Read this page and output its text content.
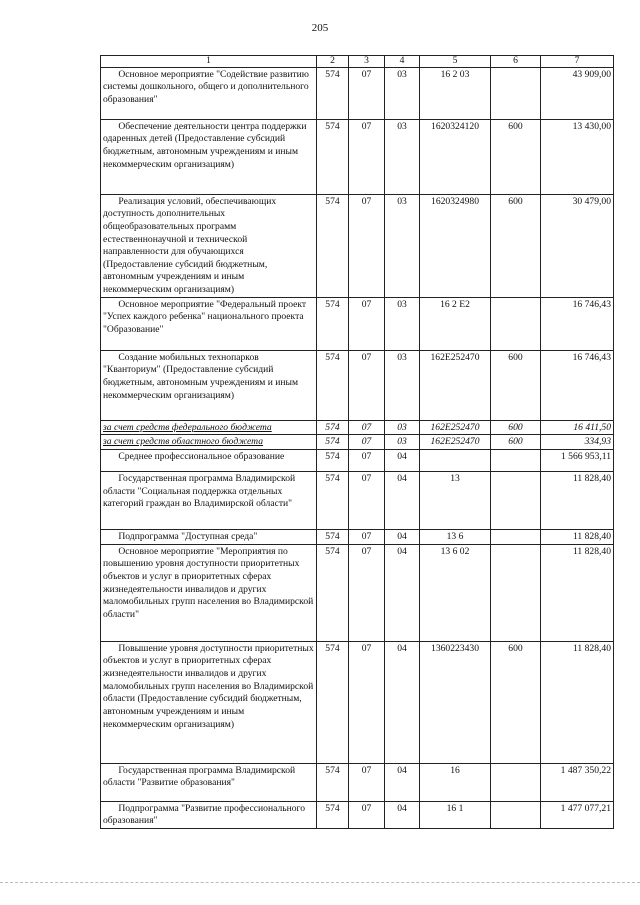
205
1	2	3	4	5	6	7
Основное мероприятие "Содействие развитию системы дошкольного, общего и дополнительного образования"	574	07	03	16 2 03		43 909,00
Обеспечение деятельности центра поддержки одаренных детей (Предоставление субсидий бюджетным, автономным учреждениям и иным некоммерческим организациям)	574	07	03	1620324120	600	13 430,00
Реализация условий, обеспечивающих доступность дополнительных общеобразовательных программ естественнонаучной и технической направленности для обучающихся (Предоставление субсидий бюджетным, автономным учреждениям и иным некоммерческим организациям)	574	07	03	1620324980	600	30 479,00
Основное мероприятие "Федеральный проект "Успех каждого ребенка" национального проекта "Образование"	574	07	03	16 2 E2		16 746,43
Создание мобильных технопарков "Кванториум" (Предоставление субсидий бюджетным, автономным учреждениям и иным некоммерческим организациям)	574	07	03	162E252470	600	16 746,43
за счет средств федерального бюджета	574	07	03	162E252470	600	16 411,50
за счет средств областного бюджета	574	07	03	162E252470	600	334,93
Среднее профессиональное образование	574	07	04			1 566 953,11
Государственная программа Владимирской области "Социальная поддержка отдельных категорий граждан во Владимирской области"	574	07	04	13		11 828,40
Подпрограмма "Доступная среда"	574	07	04	13 6		11 828,40
Основное мероприятие "Мероприятия по повышению уровня доступности приоритетных объектов и услуг в приоритетных сферах жизнедеятельности инвалидов и других маломобильных групп населения во Владимирской области"	574	07	04	13 6 02		11 828,40
Повышение уровня доступности приоритетных объектов и услуг в приоритетных сферах жизнедеятельности инвалидов и других маломобильных групп населения во Владимирской области (Предоставление субсидий бюджетным, автономным учреждениям и иным некоммерческим организациям)	574	07	04	1360223430	600	11 828,40
Государственная программа Владимирской области "Развитие образования"	574	07	04	16		1 487 350,22
Подпрограмма "Развитие профессионального образования"	574	07	04	16 1		1 477 077,21
